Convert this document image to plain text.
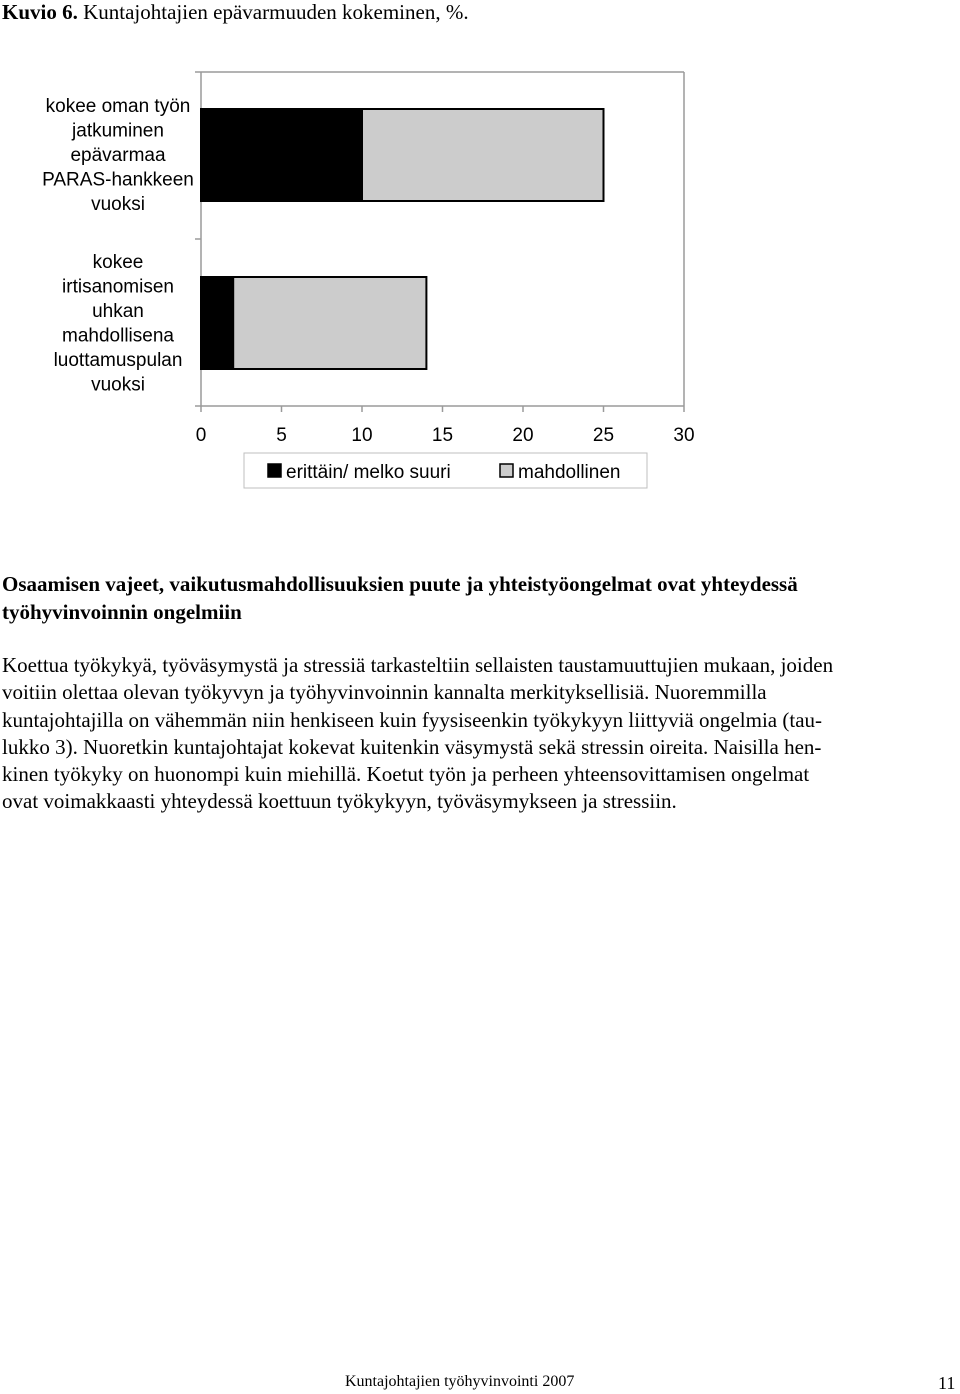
Kuvio 6. Kuntajohtajien epävarmuuden kokeminen, %.
kokee oman työn
jatkuminen
epävarmaa
PARAS-hankkeen
vuoksi
kokee
irtisanomisen
uhkan
mahdollisena
luottamuspulan
vuoksi
0	5	10	15	20	25	30
erittäin/ melko suuri	mahdollinen
Osaamisen vajeet, vaikutusmahdollisuuksien puute ja yhteistyöongelmat ovat yhteydessä työhyvinvoinnin ongelmiin
Koettua työkykyä, työväsymystä ja stressiä tarkasteltiin sellaisten taustamuuttujien mukaan, joiden
voitiin olettaa olevan työkyvyn ja työhyvinvoinnin kannalta merkityksellisiä. Nuoremmilla
kuntajohtajilla on vähemmän niin henkiseen kuin fyysiseenkin työkykyyn liittyviä ongelmia (tau-
lukko 3). Nuoretkin kuntajohtajat kokevat kuitenkin väsymystä sekä stressin oireita. Naisilla hen-
kinen työkyky on huonompi kuin miehillä. Koetut työn ja perheen yhteensovittamisen ongelmat
ovat voimakkaasti yhteydessä koettuun työkykyyn, työväsymykseen ja stressiin.
Kuntajohtajien työhyvinvointi 2007	11
